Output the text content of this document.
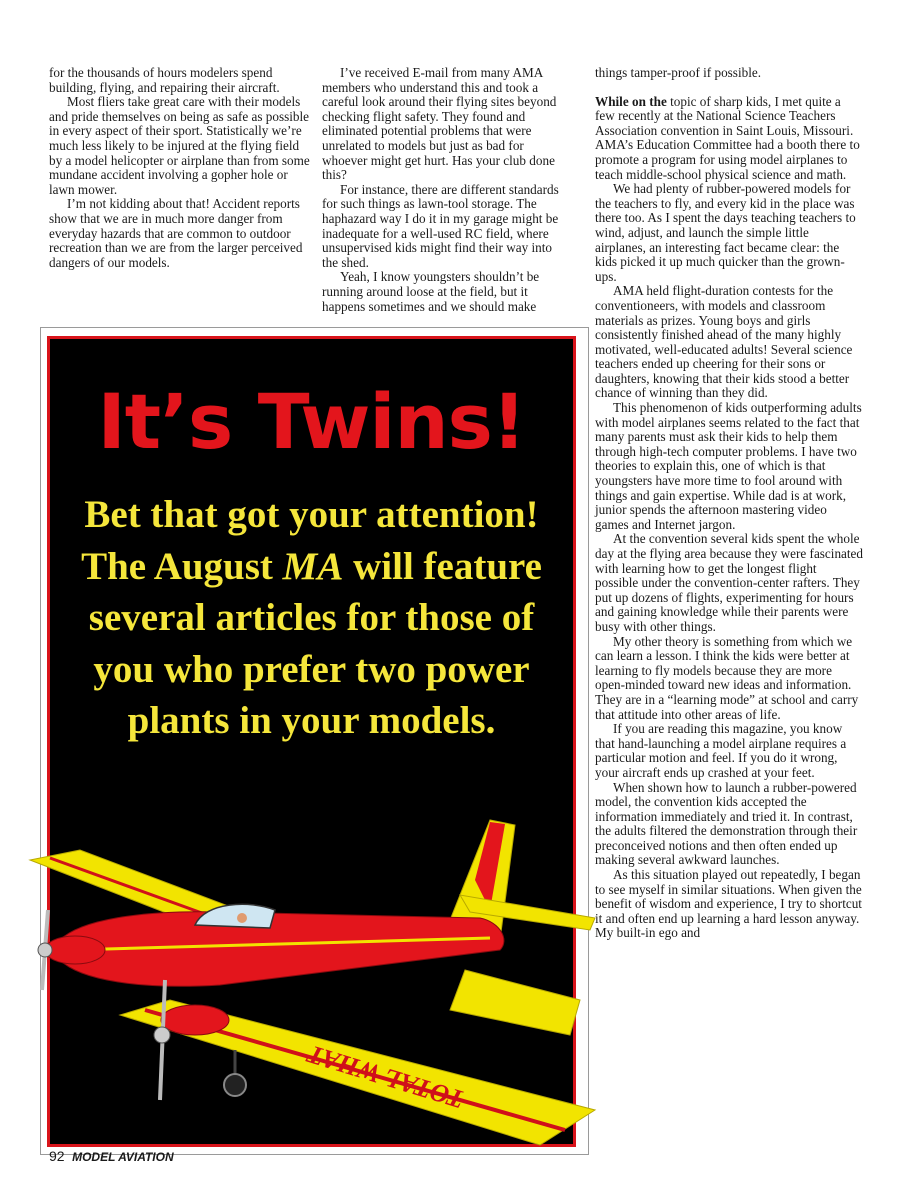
for the thousands of hours modelers spend building, flying, and repairing their aircraft.

Most fliers take great care with their models and pride themselves on being as safe as possible in every aspect of their sport. Statistically we’re much less likely to be injured at the flying field by a model helicopter or airplane than from some mundane accident involving a gopher hole or lawn mower.

I’m not kidding about that! Accident reports show that we are in much more danger from everyday hazards that are common to outdoor recreation than we are from the larger perceived dangers of our models.

I’ve received E-mail from many AMA members who understand this and took a careful look around their flying sites beyond checking flight safety. They found and eliminated potential problems that were unrelated to models but just as bad for whoever might get hurt. Has your club done this?

For instance, there are different standards for such things as lawn-tool storage. The haphazard way I do it in my garage might be inadequate for a well-used RC field, where unsupervised kids might find their way into the shed.

Yeah, I know youngsters shouldn’t be running around loose at the field, but it happens sometimes and we should make

things tamper-proof if possible.

While on the topic of sharp kids, I met quite a few recently at the National Science Teachers Association convention in Saint Louis, Missouri. AMA’s Education Committee had a booth there to promote a program for using model airplanes to teach middle-school physical science and math.

We had plenty of rubber-powered models for the teachers to fly, and every kid in the place was there too. As I spent the days teaching teachers to wind, adjust, and launch the simple little airplanes, an interesting fact became clear: the kids picked it up much quicker than the grown-ups.

AMA held flight-duration contests for the conventioneers, with models and classroom materials as prizes. Young boys and girls consistently finished ahead of the many highly motivated, well-educated adults! Several science teachers ended up cheering for their sons or daughters, knowing that their kids stood a better chance of winning than they did.

This phenomenon of kids outperforming adults with model airplanes seems related to the fact that many parents must ask their kids to help them through high-tech computer problems. I have two theories to explain this, one of which is that youngsters have more time to fool around with things and gain expertise. While dad is at work, junior spends the afternoon mastering video games and Internet jargon.

At the convention several kids spent the whole day at the flying area because they were fascinated with learning how to get the longest flight possible under the convention-center rafters. They put up dozens of flights, experimenting for hours and gaining knowledge while their parents were busy with other things.

My other theory is something from which we can learn a lesson. I think the kids were better at learning to fly models because they are more open-minded toward new ideas and information. They are in a “learning mode” at school and carry that attitude into other areas of life.

If you are reading this magazine, you know that hand-launching a model airplane requires a particular motion and feel. If you do it wrong, your aircraft ends up crashed at your feet.

When shown how to launch a rubber-powered model, the convention kids accepted the information immediately and tried it. In contrast, the adults filtered the demonstration through their preconceived notions and then often ended up making several awkward launches.

As this situation played out repeatedly, I began to see myself in similar situations. When given the benefit of wisdom and experience, I try to shortcut it and often end up learning a hard lesson anyway. My built-in ego and

It’s Twins!
Bet that got your attention! The August MA will feature several articles for those of you who prefer two power plants in your models.
TOTAL WHAT
92 MODEL AVIATION
